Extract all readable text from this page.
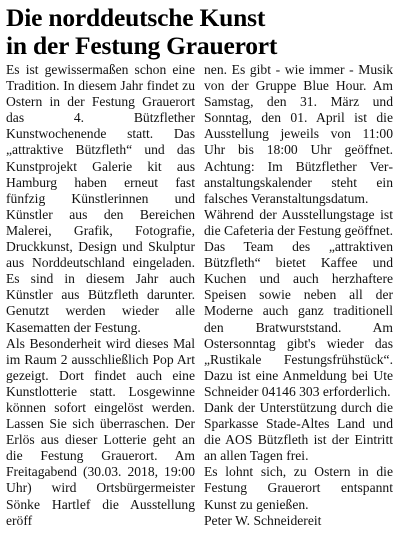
Die norddeutsche Kunst
in der Festung Grauerort

Es ist gewissermaßen schon eine Tradition. In diesem Jahr findet zu Ostern in der Festung Grauerort das 4. Bützflether Kunstwochenende statt. Das „attraktive Bützfleth“ und das Kunstprojekt Galerie kit aus Hamburg haben erneut fast fünfzig Künstlerinnen und Künstler aus den Bereichen Malerei, Grafik, Fotografie, Druckkunst, Design und Skulptur aus Norddeutschland eingeladen. Es sind in diesem Jahr auch Künstler aus Bützfleth darunter. Genutzt werden wieder alle Kasematten der Festung.

Als Besonderheit wird dieses Mal im Raum 2 ausschließlich Pop Art gezeigt. Dort findet auch eine Kunstlotterie statt. Losgewinne können sofort eingelöst werden. Lassen Sie sich überraschen. Der Erlös aus dieser Lotterie geht an die Festung Grauerort. Am Freitagabend (30.03. 2018, 19:00 Uhr) wird Ortsbürgermeister Sönke Hartlef die Ausstellung eröff

nen. Es gibt - wie immer - Musik von der Gruppe Blue Hour. Am Samstag, den 31. März und Sonntag, den 01. April ist die Ausstellung jeweils von 11:00 Uhr bis 18:00 Uhr geöffnet. Achtung: Im Bützflether Veranstaltungskalender steht ein falsches Veranstaltungsdatum.

Während der Ausstellungstage ist die Cafeteria der Festung geöffnet. Das Team des „attraktiven Bützfleth“ bietet Kaffee und Kuchen und auch herzhaftere Speisen sowie neben all der Moderne auch ganz traditionell den Bratwurststand. Am Ostersonntag gibt's wieder das „Rustikale Festungsfrühstück“. Dazu ist eine Anmeldung bei Ute Schneider 04146 303 erforderlich.

Dank der Unterstützung durch die Sparkasse Stade-Altes Land und die AOS Bützfleth ist der Eintritt an allen Tagen frei.

Es lohnt sich, zu Ostern in die Festung Grauerort entspannt Kunst zu genießen.

Peter W. Schneidereit
